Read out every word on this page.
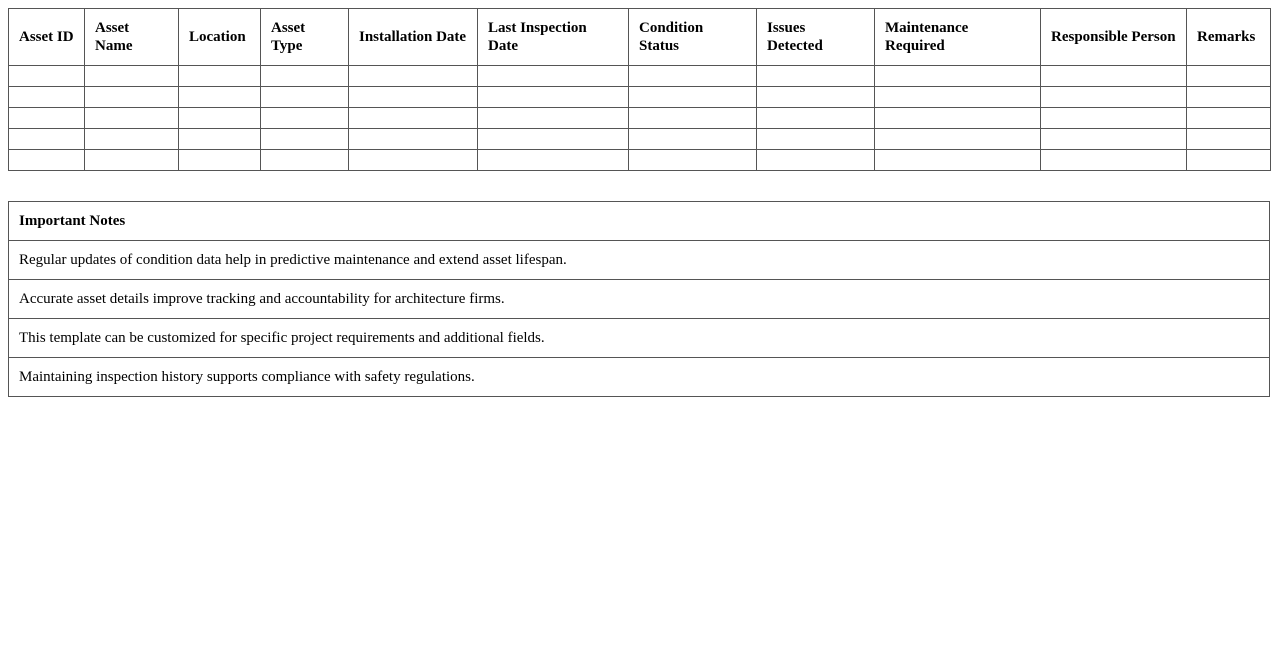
Asset ID	Asset Name	Location	Asset Type	Installation Date	Last Inspection Date	Condition Status	Issues Detected	Maintenance Required	Responsible Person	Remarks

Important Notes
Regular updates of condition data help in predictive maintenance and extend asset lifespan.
Accurate asset details improve tracking and accountability for architecture firms.
This template can be customized for specific project requirements and additional fields.
Maintaining inspection history supports compliance with safety regulations.
